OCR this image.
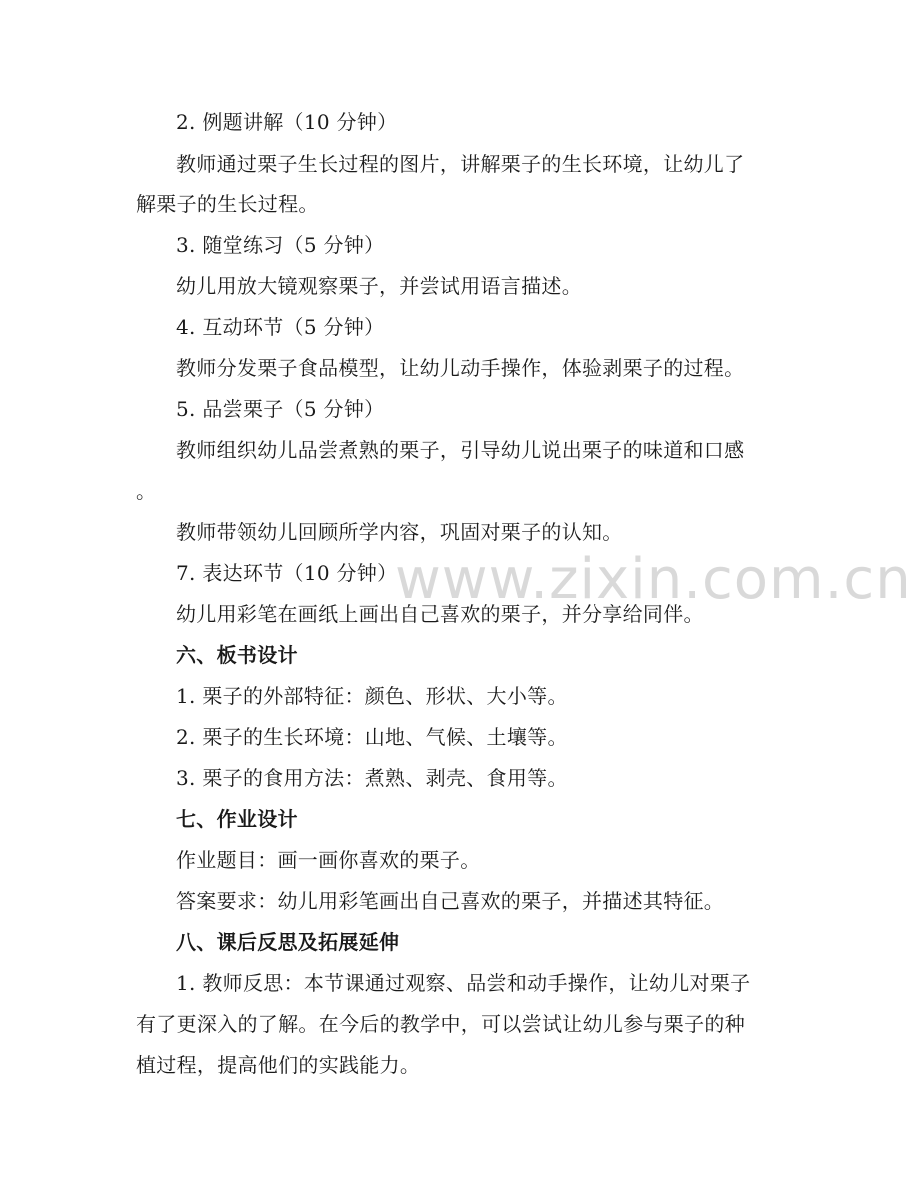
2. 例题讲解（10 分钟）
教师通过栗子生长过程的图片，讲解栗子的生长环境，让幼儿了
解栗子的生长过程。
3. 随堂练习（5 分钟）
幼儿用放大镜观察栗子，并尝试用语言描述。
4. 互动环节（5 分钟）
教师分发栗子食品模型，让幼儿动手操作，体验剥栗子的过程。
5. 品尝栗子（5 分钟）
教师组织幼儿品尝煮熟的栗子，引导幼儿说出栗子的味道和口感
。
教师带领幼儿回顾所学内容，巩固对栗子的认知。
www.zixin.com.cn
7. 表达环节（10 分钟）
幼儿用彩笔在画纸上画出自己喜欢的栗子，并分享给同伴。
六、板书设计
1. 栗子的外部特征：颜色、形状、大小等。
2. 栗子的生长环境：山地、气候、土壤等。
3. 栗子的食用方法：煮熟、剥壳、食用等。
七、作业设计
作业题目：画一画你喜欢的栗子。
答案要求：幼儿用彩笔画出自己喜欢的栗子，并描述其特征。
八、课后反思及拓展延伸
1. 教师反思：本节课通过观察、品尝和动手操作，让幼儿对栗子
有了更深入的了解。在今后的教学中，可以尝试让幼儿参与栗子的种
植过程，提高他们的实践能力。
